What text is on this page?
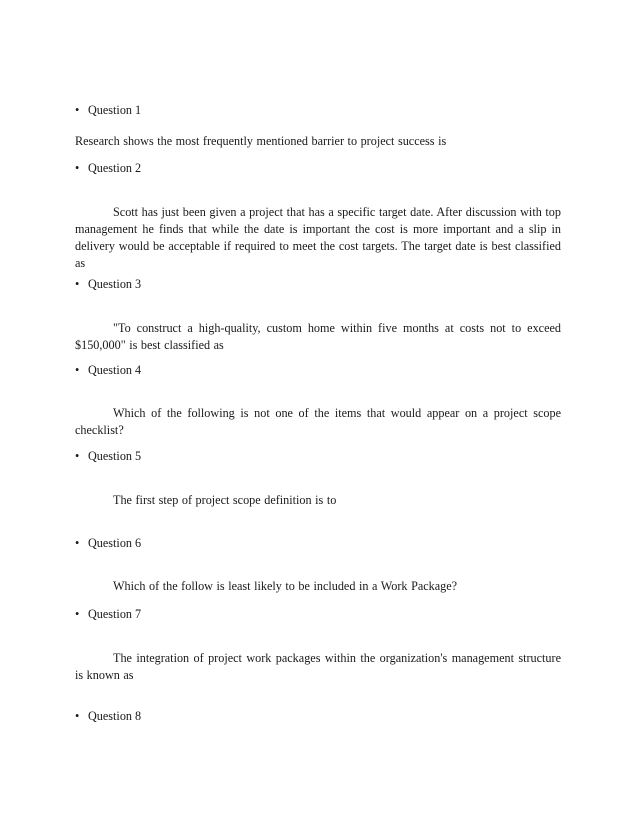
• Question 1
Research shows the most frequently mentioned barrier to project success is
• Question 2
Scott has just been given a project that has a specific target date. After discussion with top management he finds that while the date is important the cost is more important and a slip in delivery would be acceptable if required to meet the cost targets. The target date is best classified as
• Question 3
"To construct a high-quality, custom home within five months at costs not to exceed $150,000" is best classified as
• Question 4
Which of the following is not one of the items that would appear on a project scope checklist?
• Question 5
The first step of project scope definition is to
• Question 6
Which of the follow is least likely to be included in a Work Package?
• Question 7
The integration of project work packages within the organization's management structure is known as
• Question 8
